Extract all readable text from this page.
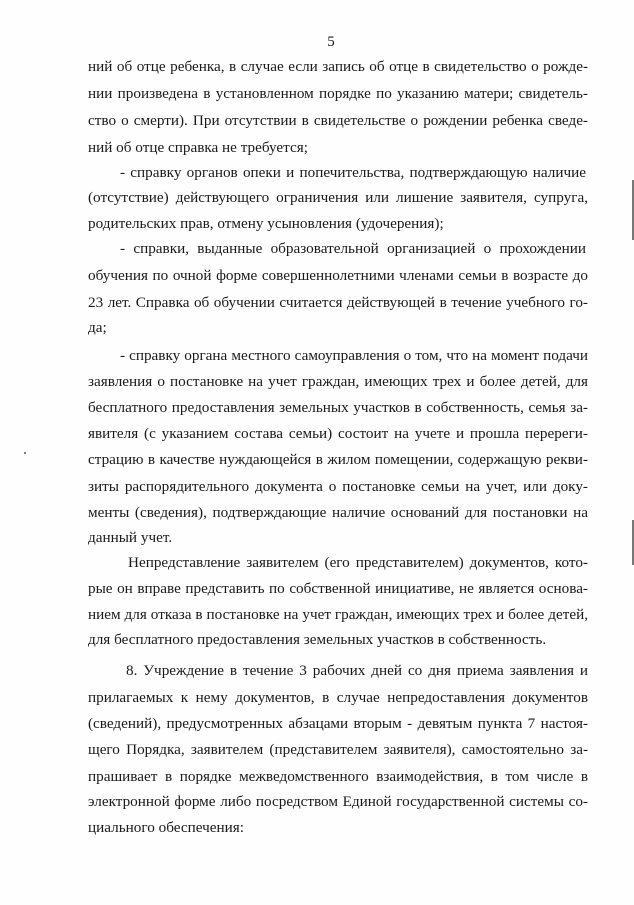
5
ний об отце ребенка, в случае если запись об отце в свидетельство о рожде-
нии произведена в установленном порядке по указанию матери; свидетель-
ство о смерти). При отсутствии в свидетельстве о рождении ребенка сведе-
ний об отце справка не требуется;
- справку органов опеки и попечительства, подтверждающую наличие
(отсутствие) действующего ограничения или лишение заявителя, супруга,
родительских прав, отмену усыновления (удочерения);
- справки, выданные образовательной организацией о прохождении
обучения по очной форме совершеннолетними членами семьи в возрасте до
23 лет. Справка об обучении считается действующей в течение учебного го-
да;
- справку органа местного самоуправления о том, что на момент подачи
заявления о постановке на учет граждан, имеющих трех и более детей, для
бесплатного предоставления земельных участков в собственность, семья за-
явителя (с указанием состава семьи) состоит на учете и прошла перереги-
страцию в качестве нуждающейся в жилом помещении, содержащую рекви-
зиты распорядительного документа о постановке семьи на учет, или доку-
менты (сведения), подтверждающие наличие оснований для постановки на
данный учет.
Непредставление заявителем (его представителем) документов, кото-
рые он вправе представить по собственной инициативе, не является основа-
нием для отказа в постановке на учет граждан, имеющих трех и более детей,
для бесплатного предоставления земельных участков в собственность.
8. Учреждение в течение 3 рабочих дней со дня приема заявления и
прилагаемых к нему документов, в случае непредоставления документов
(сведений), предусмотренных абзацами вторым - девятым пункта 7 настоя-
щего Порядка, заявителем (представителем заявителя), самостоятельно за-
прашивает в порядке межведомственного взаимодействия, в том числе в
электронной форме либо посредством Единой государственной системы со-
циального обеспечения:
